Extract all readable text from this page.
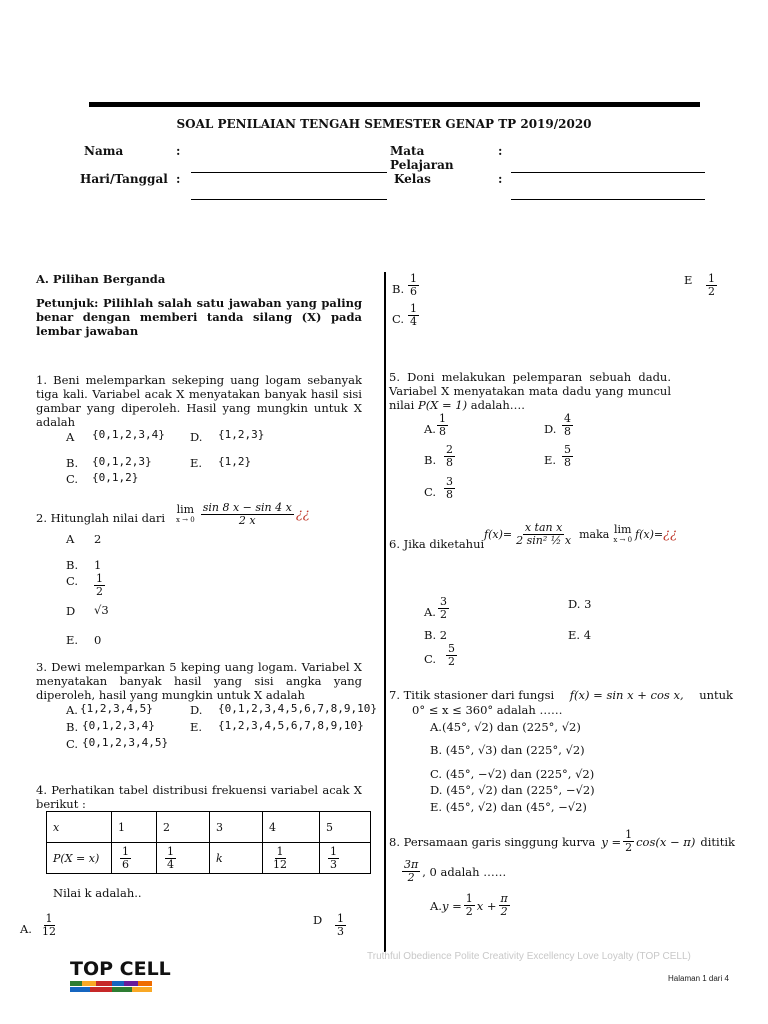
SOAL PENILAIAN TENGAH SEMESTER GENAP TP 2019/2020
Nama	:	Mata Pelajaran
:
Hari/Tanggal :	Kelas	:
A. Pilihan Berganda
Petunjuk: Pilihlah salah satu jawaban yang paling benar dengan memberi tanda silang (X) pada lembar jawaban
1. Beni melemparkan sekeping uang logam sebanyak tiga kali. Variabel acak X menyatakan banyak hasil sisi gambar yang diperoleh. Hasil yang mungkin untuk X adalah
A {0,1,2,3,4} D. {1,2,3}
B. {0,1,2,3}	E. {1,2}
C. {0,1,2}
2. Hitunglah nilai dari
lim
$x \to 0 \frac{\sin 8 x - \sin 4 x}{2 x}$ ¿¿
A 2
B. 1
C. $\frac{1}{2}$
D √3
E. 0
3. Dewi melemparkan 5 keping uang logam. Variabel X menyatakan banyak hasil yang sisi angka yang diperoleh, hasil yang mungkin untuk X adalah
A. {1,2,3,4,5}	D. {0,1,2,3,4,5,6,7,8,9,10}
B. {0,1,2,3,4}	E. {1,2,3,4,5,6,7,8,9,10}
C. {0,1,2,3,4,5}
4. Perhatikan tabel distribusi frekuensi variabel acak X berikut :
x	1	2	3	4	5
P(X = x)	$\frac{1}{6}$	$\frac{1}{4}$	k	$\frac{1}{12}$	$\frac{1}{3}$
Nilai k adalah..
A. $\frac{1}{12}$	D $\frac{1}{3}$
B. $\frac{1}{6}$
C. $\frac{1}{4}$
E $\frac{1}{2}$
5. Doni melakukan pelemparan sebuah dadu. Variabel X menyatakan mata dadu yang muncul nilai P(X = 1) adalah….
A. $\frac{1}{8}$	D. $\frac{4}{8}$
B. $\frac{2}{8}$	E. $\frac{5}{8}$
C. $\frac{3}{8}$
6. Jika diketahui
$f(x)= \frac{\text{x tan x}}{\text{2 sin² ½ x}}$ maka lim
x → 0 f(x)= ¿¿
A. $\frac{3}{2}$	D. 3
B. 2	E. 4
C. $\frac{5}{2}$
7. Titik stasioner dari fungsi f(x) = sin x + cos x, untuk
0° ≤ x ≤ 360° adalah ……
A.(45°, √2) dan (225°, √2)
B. (45°, √3) dan (225°, √2)
C. (45°, −√2) dan (225°, √2)
D. (45°, √2) dan (225°, −√2)
E. (45°, √2) dan (45°, −√2)
8. Persamaan garis singgung kurva $y = \frac{1}{2} \cos(x - \pi)$ dititik
$\frac{3\pi}{2}$ , 0 adalah ……
A. $y = \frac{1}{2}$ $x + \frac{\pi}{2}$
Truthful Obedience Polite Creativity Excellency Love Loyalty (TOP CELL)
Halaman 1 dari 4
TOP CELL
